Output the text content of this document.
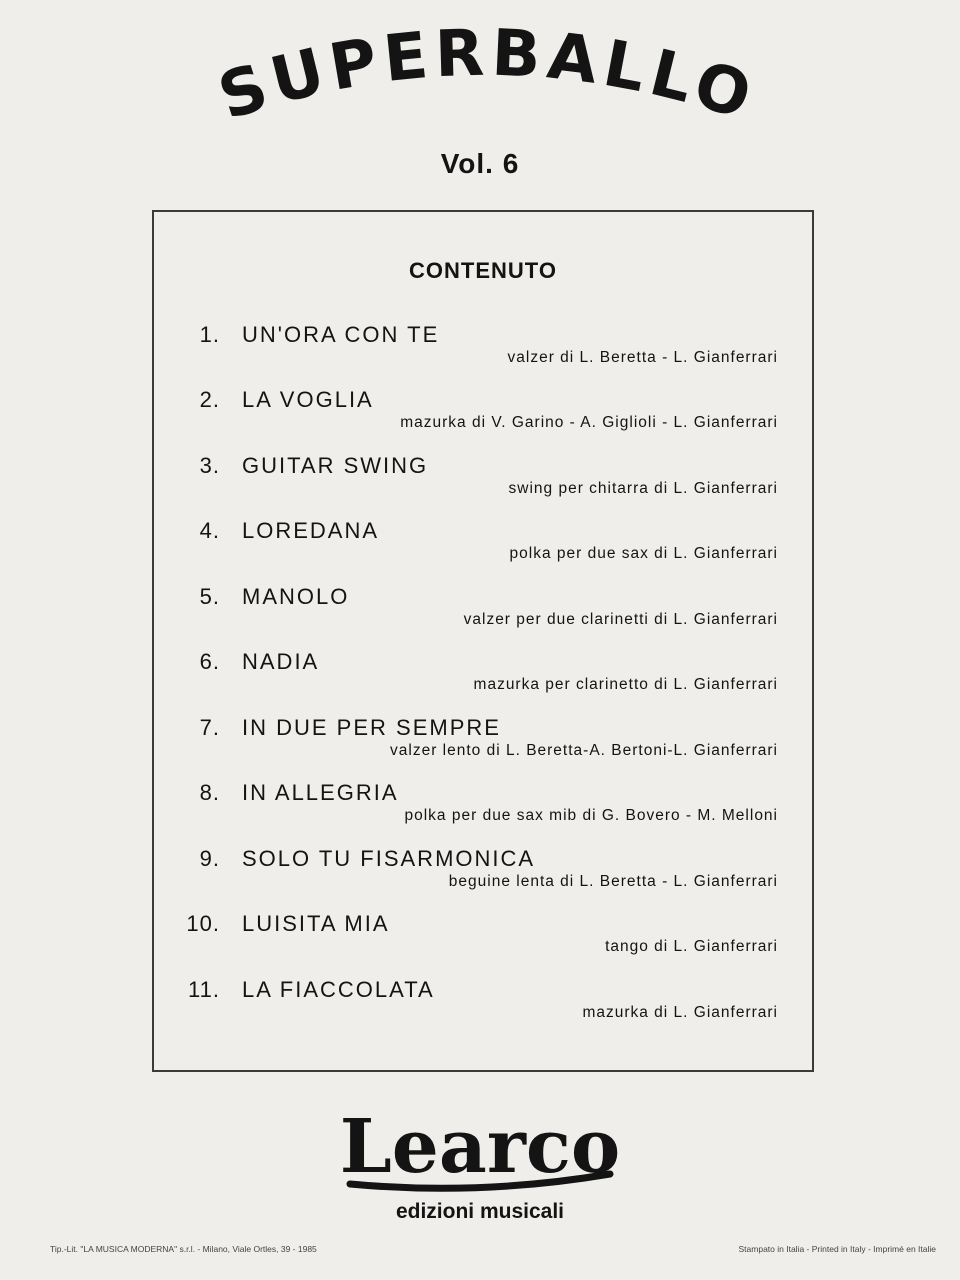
SUPERBALLO
Vol. 6
CONTENUTO
1. UN'ORA CON TE
valzer di L. Beretta - L. Gianferrari
2. LA VOGLIA
mazurka di V. Garino - A. Giglioli - L. Gianferrari
3. GUITAR SWING
swing per chitarra di L. Gianferrari
4. LOREDANA
polka per due sax di L. Gianferrari
5. MANOLO
valzer per due clarinetti di L. Gianferrari
6. NADIA
mazurka per clarinetto di L. Gianferrari
7. IN DUE PER SEMPRE
valzer lento di L. Beretta-A. Bertoni-L. Gianferrari
8. IN ALLEGRIA
polka per due sax mib di G. Bovero - M. Melloni
9. SOLO TU FISARMONICA
beguine lenta di L. Beretta - L. Gianferrari
10. LUISITA MIA
tango di L. Gianferrari
11. LA FIACCOLATA
mazurka di L. Gianferrari
Learco
edizioni musicali
Tip.-Lit. "LA MUSICA MODERNA" s.r.l. - Milano, Viale Ortles, 39 - 1985	Stampato in Italia - Printed in Italy - Imprimé en Italie
